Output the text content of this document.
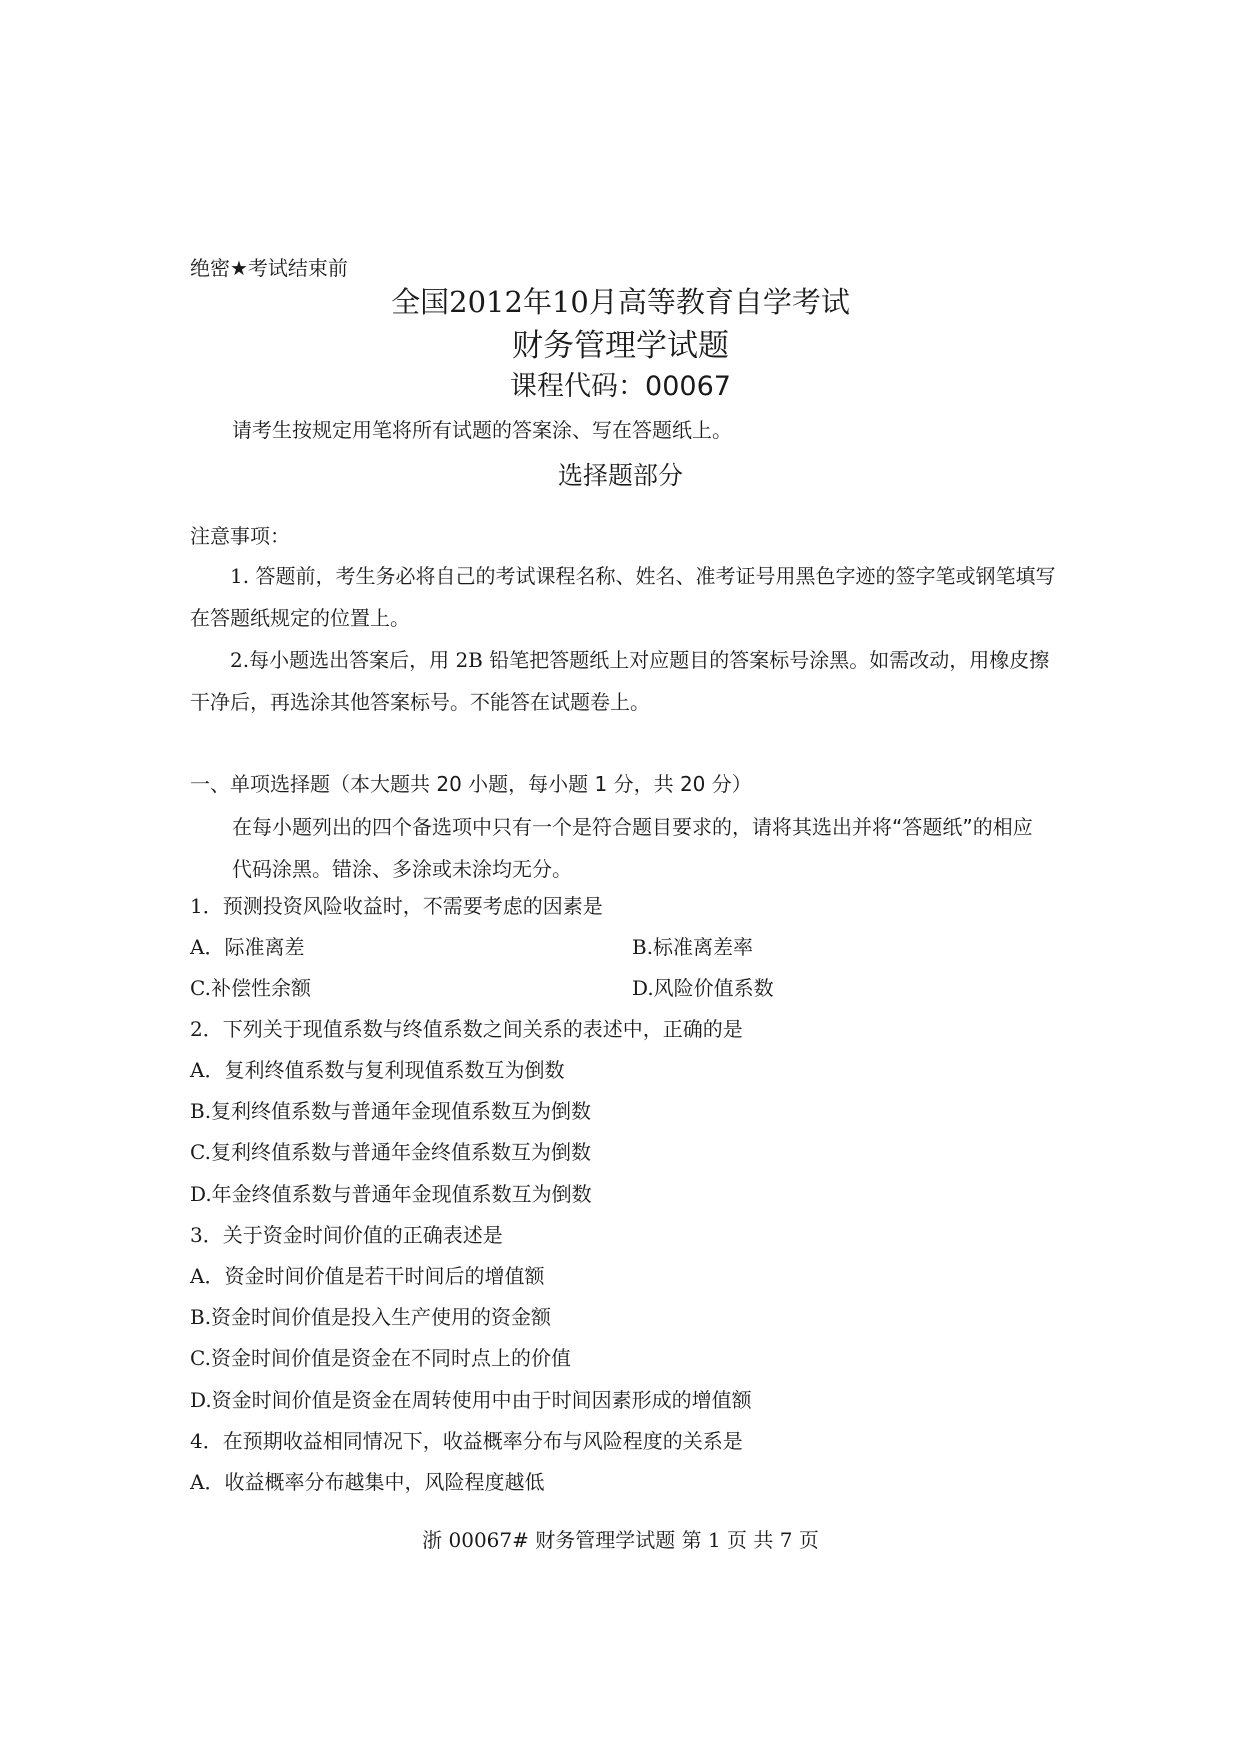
绝密★考试结束前
全国2012年10月高等教育自学考试
财务管理学试题
课程代码：00067
请考生按规定用笔将所有试题的答案涂、写在答题纸上。
选择题部分
注意事项：
1. 答题前，考生务必将自己的考试课程名称、姓名、准考证号用黑色字迹的签字笔或钢笔填写在答题纸规定的位置上。
2.每小题选出答案后，用 2B 铅笔把答题纸上对应题目的答案标号涂黑。如需改动，用橡皮擦干净后，再选涂其他答案标号。不能答在试题卷上。
一、单项选择题（本大题共 20 小题，每小题 1 分，共 20 分）
在每小题列出的四个备选项中只有一个是符合题目要求的，请将其选出并将“答题纸”的相应代码涂黑。错涂、多涂或未涂均无分。
1．预测投资风险收益时，不需要考虑的因素是
A．际准离差	B.标准离差率
C.补偿性余额	D.风险价值系数
2．下列关于现值系数与终值系数之间关系的表述中，正确的是
A．复利终值系数与复利现值系数互为倒数
B.复利终值系数与普通年金现值系数互为倒数
C.复利终值系数与普通年金终值系数互为倒数
D.年金终值系数与普通年金现值系数互为倒数
3．关于资金时间价值的正确表述是
A．资金时间价值是若干时间后的增值额
B.资金时间价值是投入生产使用的资金额
C.资金时间价值是资金在不同时点上的价值
D.资金时间价值是资金在周转使用中由于时间因素形成的增值额
4．在预期收益相同情况下，收益概率分布与风险程度的关系是
A．收益概率分布越集中，风险程度越低
浙 00067# 财务管理学试题 第 1 页 共 7 页
